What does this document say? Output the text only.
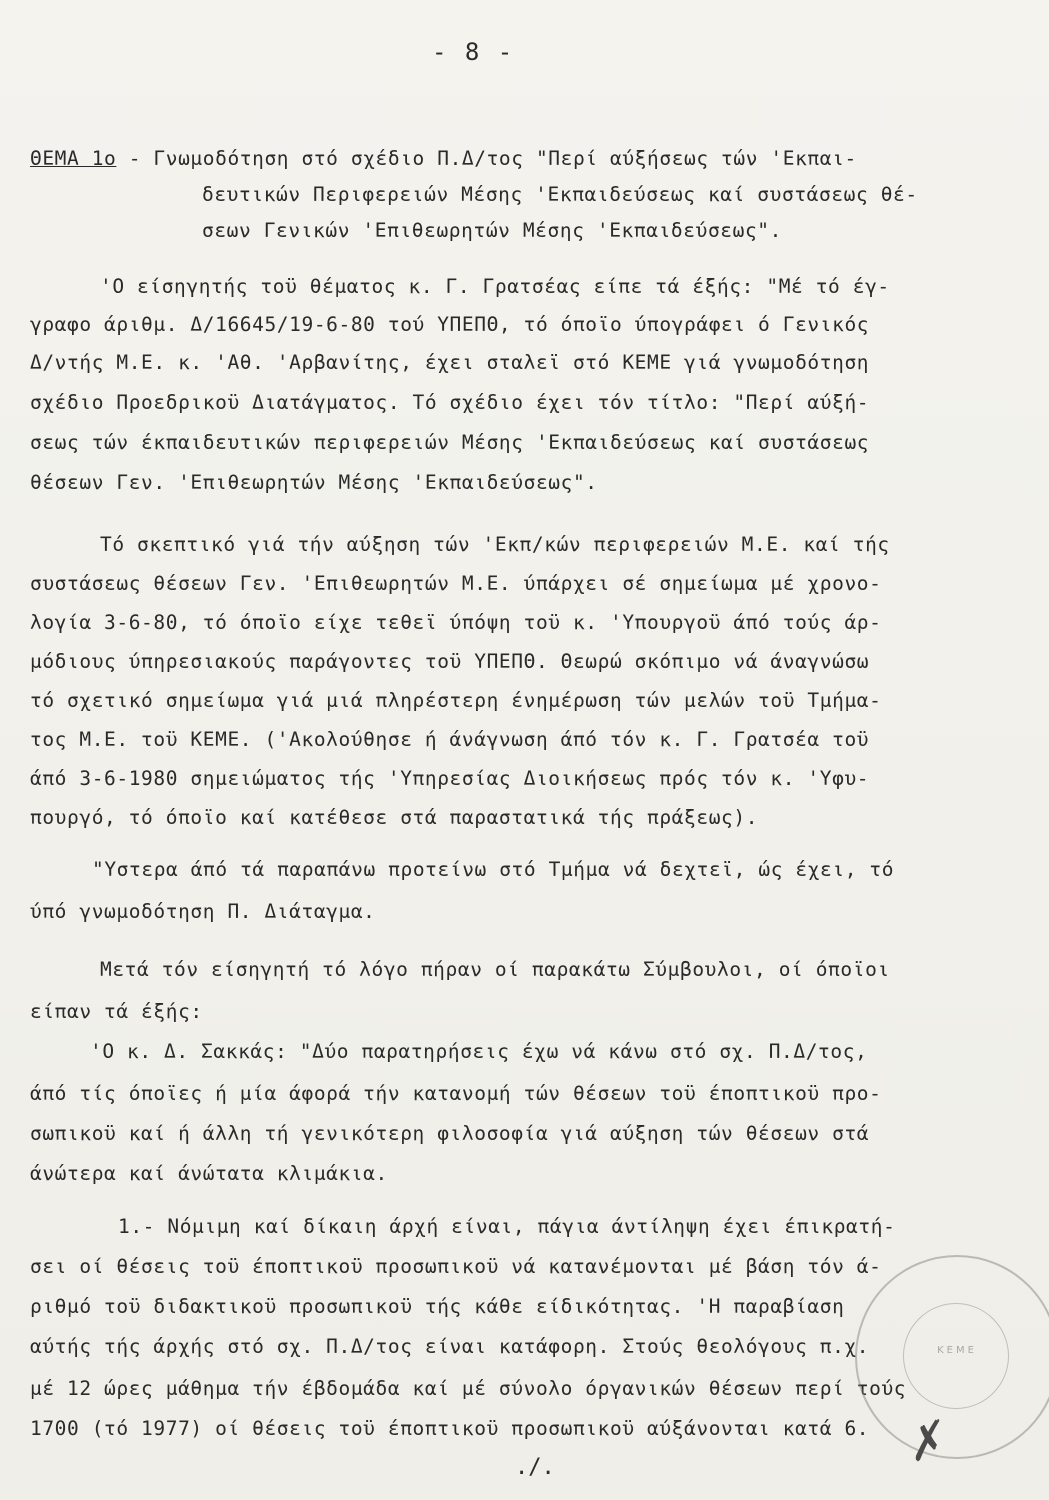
- 8 -
ΘΕΜΑ 1ο - Γνωμοδότηση στό σχέδιο Π.Δ/τος "Περί αύξήσεως τών 'Εκπαι-
δευτικών Περιφερειών Μέσης 'Εκπαιδεύσεως καί συστάσεως θέ-
σεων Γενικών 'Επιθεωρητών Μέσης 'Εκπαιδεύσεως".
'Ο είσηγητής τοϋ θέματος κ. Γ. Γρατσέας είπε τά έξής: "Μέ τό έγ-
γραφο άριθμ. Δ/16645/19-6-80 τού ΥΠΕΠΘ, τό όποϊο ύπογράφει ό Γενικός
Δ/ντής Μ.Ε. κ. 'Αθ. 'Αρβανίτης, έχει σταλεϊ στό ΚΕΜΕ γιά γνωμοδότηση
σχέδιο Προεδρικοϋ Διατάγματος. Τό σχέδιο έχει τόν τίτλο: "Περί αύξή-
σεως τών έκπαιδευτικών περιφερειών Μέσης 'Εκπαιδεύσεως καί συστάσεως
θέσεων Γεν. 'Επιθεωρητών Μέσης 'Εκπαιδεύσεως".
Τό σκεπτικό γιά τήν αύξηση τών 'Εκπ/κών περιφερειών Μ.Ε. καί τής
συστάσεως θέσεων Γεν. 'Επιθεωρητών Μ.Ε. ύπάρχει σέ σημείωμα μέ χρονο-
λογία 3-6-80, τό όποϊο είχε τεθεϊ ύπόψη τοϋ κ. 'Υπουργοϋ άπό τούς άρ-
μόδιους ύπηρεσιακούς παράγοντες τοϋ ΥΠΕΠΘ. Θεωρώ σκόπιμο νά άναγνώσω
τό σχετικό σημείωμα γιά μιά πληρέστερη ένημέρωση τών μελών τοϋ Τμήμα-
τος Μ.Ε. τοϋ ΚΕΜΕ. ('Ακολούθησε ή άνάγνωση άπό τόν κ. Γ. Γρατσέα τοϋ
άπό 3-6-1980 σημειώματος τής 'Υπηρεσίας Διοικήσεως πρός τόν κ. 'Υφυ-
πουργό, τό όποϊο καί κατέθεσε στά παραστατικά τής πράξεως).
"Υστερα άπό τά παραπάνω προτείνω στό Τμήμα νά δεχτεϊ, ώς έχει, τό
ύπό γνωμοδότηση Π. Διάταγμα.
Μετά τόν είσηγητή τό λόγο πήραν οί παρακάτω Σύμβουλοι, οί όποϊοι
είπαν τά έξής:
'Ο κ. Δ. Σακκάς: "Δύο παρατηρήσεις έχω νά κάνω στό σχ. Π.Δ/τος,
άπό τίς όποϊες ή μία άφορά τήν κατανομή τών θέσεων τοϋ έποπτικοϋ προ-
σωπικοϋ καί ή άλλη τή γενικότερη φιλοσοφία γιά αύξηση τών θέσεων στά
άνώτερα καί άνώτατα κλιμάκια.
1.- Νόμιμη καί δίκαιη άρχή είναι, πάγια άντίληψη έχει έπικρατή-
σει οί θέσεις τοϋ έποπτικοϋ προσωπικοϋ νά κατανέμονται μέ βάση τόν ά-
ριθμό τοϋ διδακτικοϋ προσωπικοϋ τής κάθε είδικότητας. 'Η παραβίαση
αύτής τής άρχής στό σχ. Π.Δ/τος είναι κατάφορη. Στούς θεολόγους π.χ.
μέ 12 ώρες μάθημα τήν έβδομάδα καί μέ σύνολο όργανικών θέσεων περί τούς
1700 (τό 1977) οί θέσεις τοϋ έποπτικοϋ προσωπικοϋ αύξάνονται κατά 6.
ΚΕΜΕ
✗
./.
